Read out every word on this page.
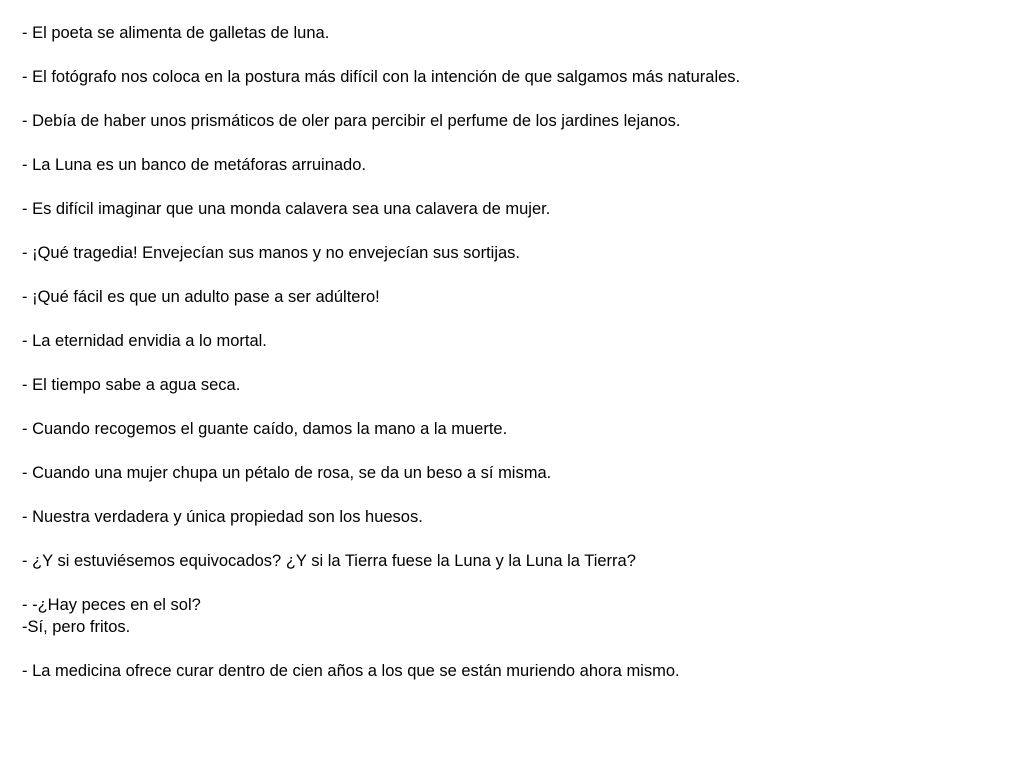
- El poeta se alimenta de galletas de luna.

- El fotógrafo nos coloca en la postura más difícil con la intención de que salgamos más naturales.

- Debía de haber unos prismáticos de oler para percibir el perfume de los jardines lejanos.

- La Luna es un banco de metáforas arruinado.

- Es difícil imaginar que una monda calavera sea una calavera de mujer.

- ¡Qué tragedia! Envejecían sus manos y no envejecían sus sortijas.

- ¡Qué fácil es que un adulto pase a ser adúltero!

- La eternidad envidia a lo mortal.

- El tiempo sabe a agua seca.

- Cuando recogemos el guante caído, damos la mano a la muerte.

- Cuando una mujer chupa un pétalo de rosa, se da un beso a sí misma.

- Nuestra verdadera y única propiedad son los huesos.

- ¿Y si estuviésemos equivocados? ¿Y si la Tierra fuese la Luna y la Luna la Tierra?

- -¿Hay peces en el sol?
-Sí, pero fritos.

- La medicina ofrece curar dentro de cien años a los que se están muriendo ahora mismo.
